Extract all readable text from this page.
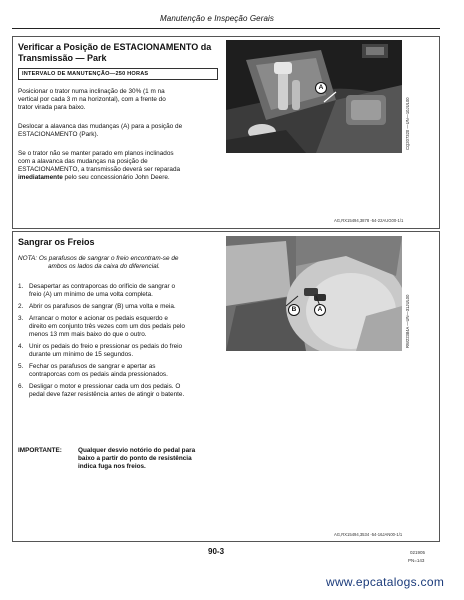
Manutenção e Inspeção Gerais
Verificar a Posição de ESTACIONAMENTO da
Transmissão — Park
INTERVALO DE MANUTENÇÃO—250 HORAS
Posicionar o trator numa inclinação de 30% (1 m na
vertical por cada 3 m na horizontal), com a frente do
trator virada para baixo.
Deslocar a alavanca das mudanças (A) para a posição de
ESTACIONAMENTO (Park).
Se o trator não se manter parado em planos inclinados
com a alavanca das mudanças na posição de
ESTACIONAMENTO, a transmissão deverá ser reparada
imediatamente pelo seu concessionário John Deere.
A
CQ207320 —UN—10JUL00
AG,RX15494,3878 -54-22AUG00-1/1
Sangrar os Freios
NOTA: Os parafusos de sangrar o freio encontram-se de
ambos os lados da caixa do diferencial.
1. Desapertar as contraporcas do orifício de sangrar o
freio (A) um mínimo de uma volta completa.
2. Abrir os parafusos de sangrar (B) uma volta e meia.
3. Arrancar o motor e acionar os pedais esquerdo e
direito em conjunto três vezes com um dos pedais pelo
menos 13 mm mais baixo do que o outro.
4. Unir os pedais do freio e pressionar os pedais do freio
durante um mínimo de 15 segundos.
5. Fechar os parafusos de sangrar e apertar as
contraporcas com os pedais ainda pressionados.
6. Desligar o motor e pressionar cada um dos pedais. O
pedal deve fazer resistência antes de atingir o batente.
IMPORTANTE:	Qualquer desvio notório do pedal para
baixo a partir do ponto de resistência
indica fuga nos freios.
B	A	RW22384A —UN—31JUL00
AG,RX15494,3534 -54-16JAN00-1/1
90-3	021905
PN=143
www.epcatalogs.com
